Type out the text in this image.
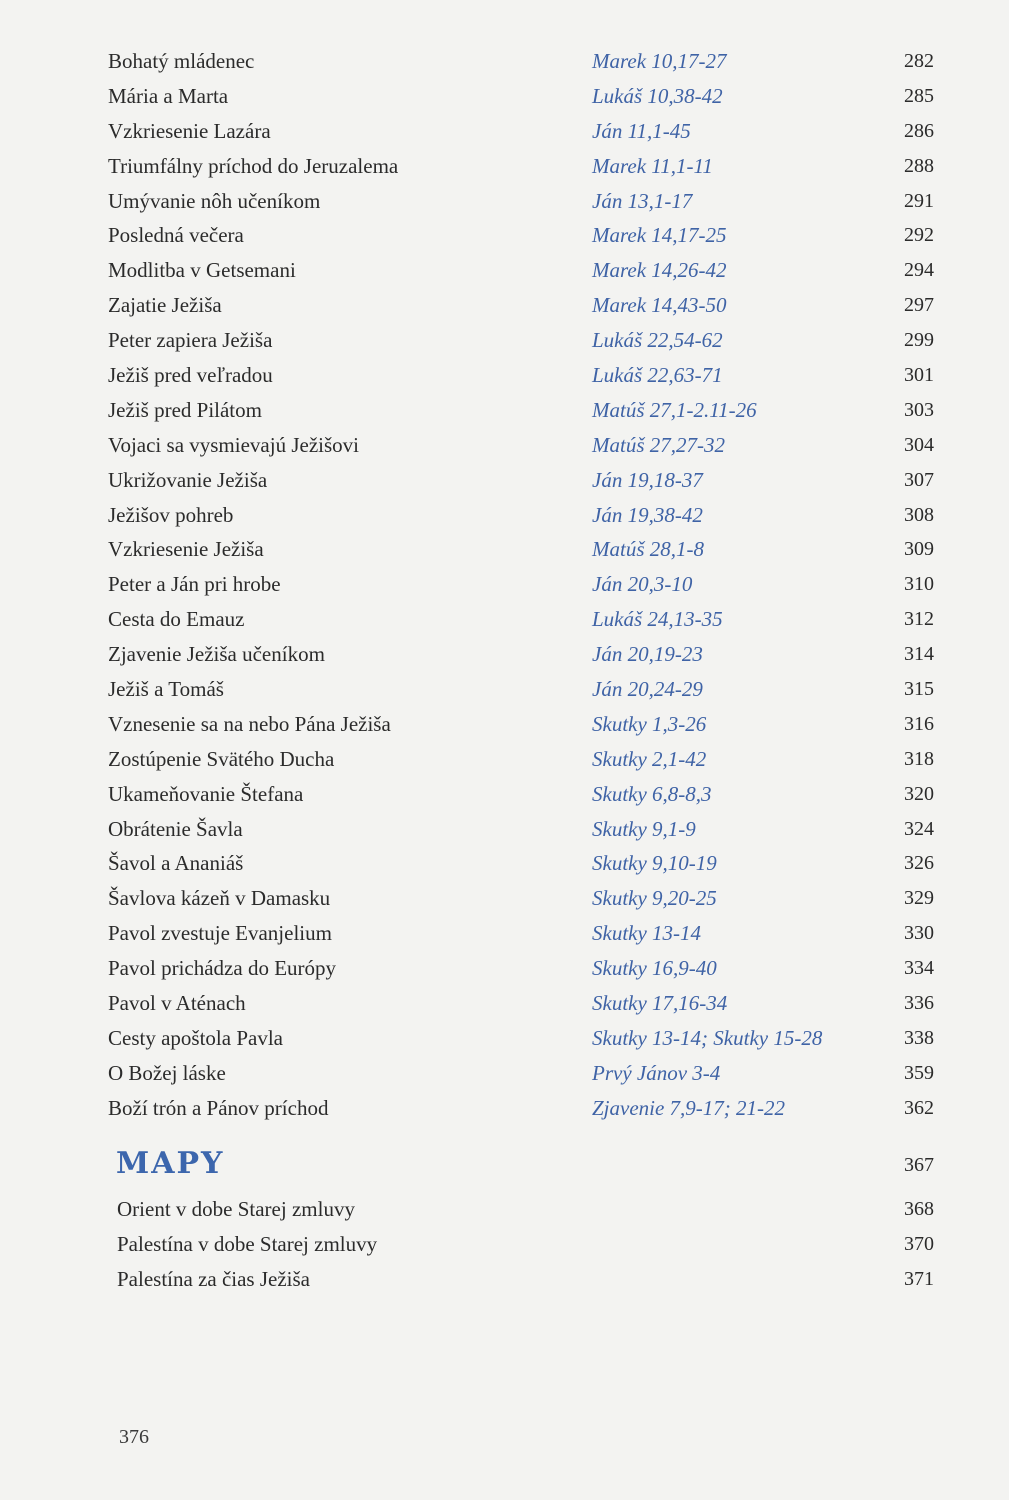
Bohatý mládenec	Marek 10,17-27	282
Mária a Marta	Lukáš 10,38-42	285
Vzkriesenie Lazára	Ján 11,1-45	286
Triumfálny príchod do Jeruzalema	Marek 11,1-11	288
Umývanie nôh učeníkom	Ján 13,1-17	291
Posledná večera	Marek 14,17-25	292
Modlitba v Getsemani	Marek 14,26-42	294
Zajatie Ježiša	Marek 14,43-50	297
Peter zapiera Ježiša	Lukáš 22,54-62	299
Ježiš pred veľradou	Lukáš 22,63-71	301
Ježiš pred Pilátom	Matúš 27,1-2.11-26	303
Vojaci sa vysmievajú Ježišovi	Matúš 27,27-32	304
Ukrižovanie Ježiša	Ján 19,18-37	307
Ježišov pohreb	Ján 19,38-42	308
Vzkriesenie Ježiša	Matúš 28,1-8	309
Peter a Ján pri hrobe	Ján 20,3-10	310
Cesta do Emauz	Lukáš 24,13-35	312
Zjavenie Ježiša učeníkom	Ján 20,19-23	314
Ježiš a Tomáš	Ján 20,24-29	315
Vznesenie sa na nebo Pána Ježiša	Skutky 1,3-26	316
Zostúpenie Svätého Ducha	Skutky 2,1-42	318
Ukameňovanie Štefana	Skutky 6,8-8,3	320
Obrátenie Šavla	Skutky 9,1-9	324
Šavol a Ananiáš	Skutky 9,10-19	326
Šavlova kázeň v Damasku	Skutky 9,20-25	329
Pavol zvestuje Evanjelium	Skutky 13-14	330
Pavol prichádza do Európy	Skutky 16,9-40	334
Pavol v Aténach	Skutky 17,16-34	336
Cesty apoštola Pavla	Skutky 13-14; Skutky 15-28	338
O Božej láske	Prvý Jánov 3-4	359
Boží trón a Pánov príchod	Zjavenie 7,9-17; 21-22	362
MAPY	367
Orient v dobe Starej zmluvy	368
Palestína v dobe Starej zmluvy	370
Palestína za čias Ježiša	371
376
